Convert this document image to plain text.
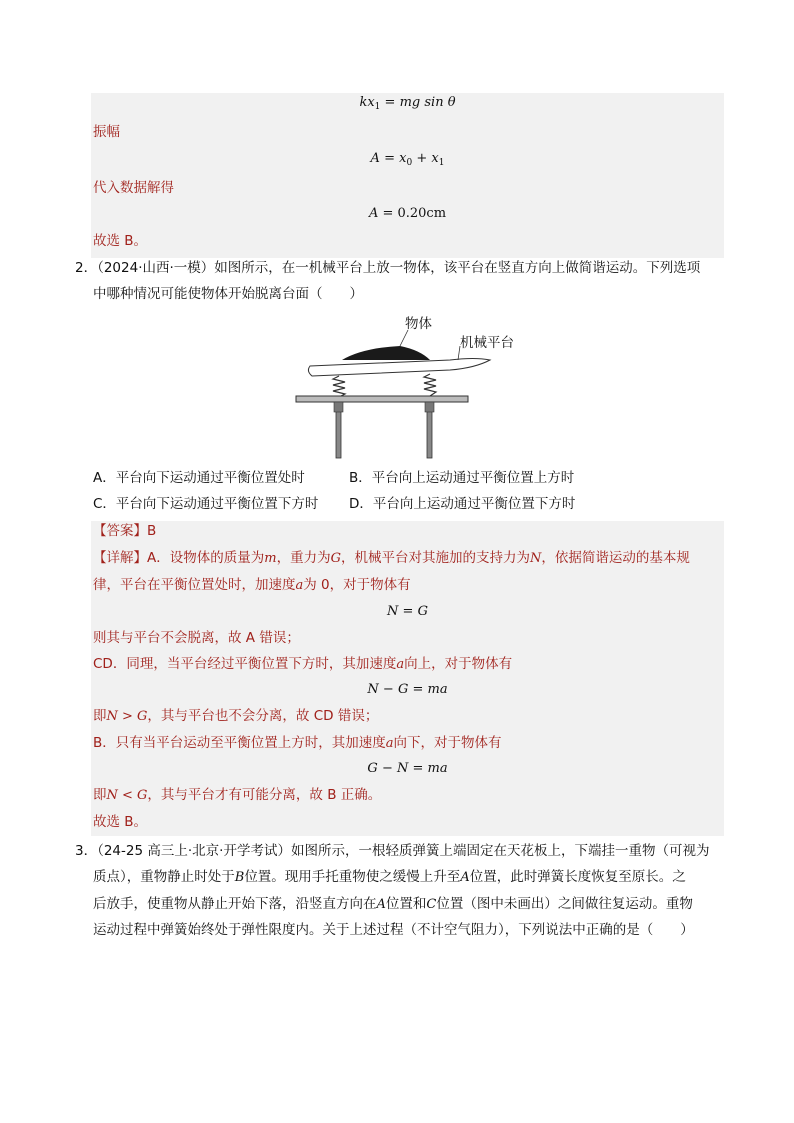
$kx_1$ = mg sin θ
振幅
$A = x_0 + x_1$
代入数据解得
A = 0.20cm
故选 B。
2．（2024·山西·一模）如图所示，在一机械平台上放一物体，该平台在竖直方向上做简谐运动。下列选项
中哪种情况可能使物体开始脱离台面（　　）
物体
机械平台
A．平台向下运动通过平衡位置处时	B．平台向上运动通过平衡位置上方时
C．平台向下运动通过平衡位置下方时 D．平台向上运动通过平衡位置下方时
【答案】B
【详解】A．设物体的质量为m，重力为G，机械平台对其施加的支持力为N，依据简谐运动的基本规
律，平台在平衡位置处时，加速度a为 0，对于物体有
N = G
则其与平台不会脱离，故 A 错误；
CD．同理，当平台经过平衡位置下方时，其加速度a向上，对于物体有
N − G = ma
即N > G，其与平台也不会分离，故 CD 错误；
B．只有当平台运动至平衡位置上方时，其加速度a向下，对于物体有
G − N = ma
即N < G，其与平台才有可能分离，故 B 正确。
故选 B。
3．（24-25 高三上·北京·开学考试）如图所示，一根轻质弹簧上端固定在天花板上，下端挂一重物（可视为
质点），重物静止时处于B位置。现用手托重物使之缓慢上升至A位置，此时弹簧长度恢复至原长。之
后放手，使重物从静止开始下落，沿竖直方向在A位置和C位置（图中未画出）之间做往复运动。重物
运动过程中弹簧始终处于弹性限度内。关于上述过程（不计空气阻力），下列说法中正确的是（　　）
